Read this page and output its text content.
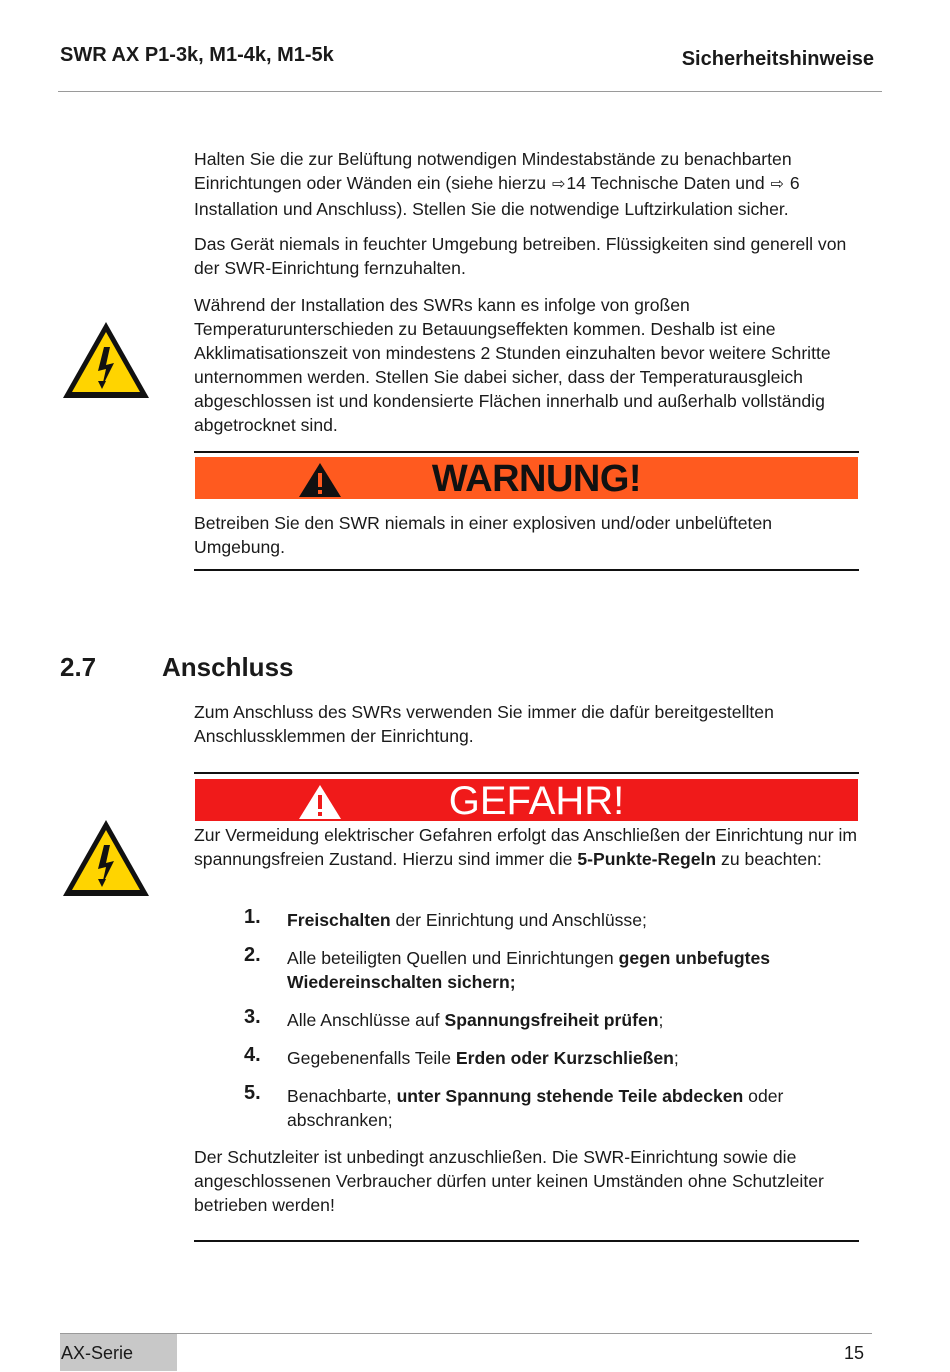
SWR AX P1-3k, M1-4k, M1-5k	Sicherheitshinweise
Halten Sie die zur Belüftung notwendigen Mindestabstände zu benachbarten Einrichtungen oder Wänden ein (siehe hierzu ⇨14 Technische Daten und ⇨ 6 Installation und Anschluss). Stellen Sie die notwendige Luftzirkulation sicher.
Das Gerät niemals in feuchter Umgebung betreiben. Flüssigkeiten sind generell von der SWR-Einrichtung fernzuhalten.
Während der Installation des SWRs kann es infolge von großen Temperaturunterschieden zu Betauungseffekten kommen. Deshalb ist eine Akklimatisationszeit von mindestens 2 Stunden einzuhalten bevor weitere Schritte unternommen werden. Stellen Sie dabei sicher, dass der Temperaturausgleich abgeschlossen ist und kondensierte Flächen innerhalb und außerhalb vollständig abgetrocknet sind.
WARNUNG!
Betreiben Sie den SWR niemals in einer explosiven und/oder unbelüfteten Umgebung.
2.7	Anschluss
Zum Anschluss des SWRs verwenden Sie immer die dafür bereitgestellten Anschlussklemmen der Einrichtung.
GEFAHR!
Zur Vermeidung elektrischer Gefahren erfolgt das Anschließen der Einrichtung nur im spannungsfreien Zustand. Hierzu sind immer die 5-Punkte-Regeln zu beachten:
1. Freischalten der Einrichtung und Anschlüsse;
2. Alle beteiligten Quellen und Einrichtungen gegen unbefugtes Wiedereinschalten sichern;
3. Alle Anschlüsse auf Spannungsfreiheit prüfen;
4. Gegebenenfalls Teile Erden oder Kurzschließen;
5. Benachbarte, unter Spannung stehende Teile abdecken oder abschranken;
Der Schutzleiter ist unbedingt anzuschließen. Die SWR-Einrichtung sowie die angeschlossenen Verbraucher dürfen unter keinen Umständen ohne Schutzleiter betrieben werden!
AX-Serie	15
